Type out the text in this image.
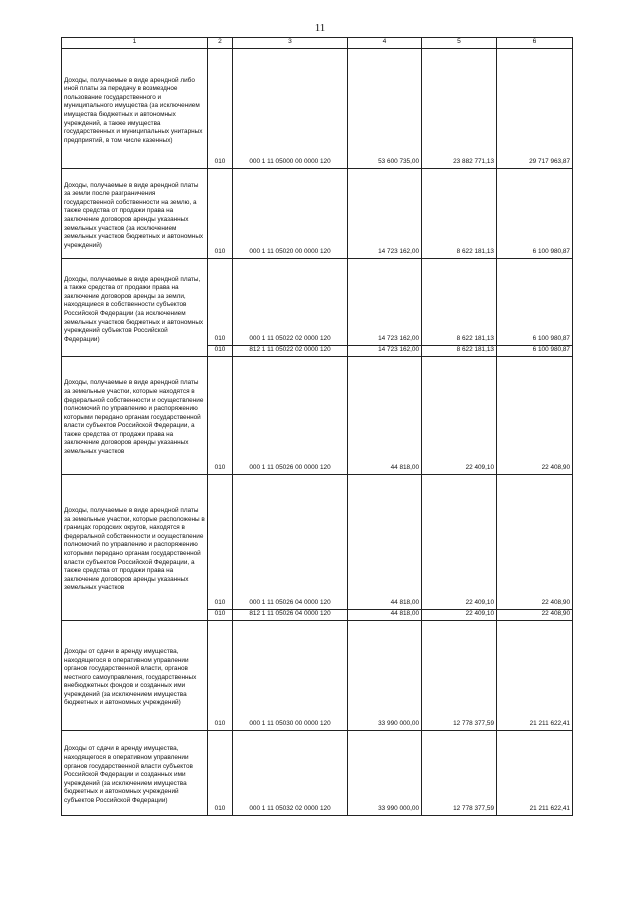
11
1	2	3	4	5	6
Доходы, получаемые в виде арендной либо иной платы за передачу в возмездное пользование государственного и муниципального имущества (за исключением имущества бюджетных и автономных учреждений, а также имущества государственных и муниципальных унитарных предприятий, в том числе казенных)	010	000 1 11 05000 00 0000 120	53 600 735,00	23 882 771,13	29 717 963,87
Доходы, получаемые в виде арендной платы за земли после разграничения государственной собственности на землю, а также средства от продажи права на заключение договоров аренды указанных земельных участков (за исключением земельных участков бюджетных и автономных учреждений)	010	000 1 11 05020 00 0000 120	14 723 162,00	8 622 181,13	6 100 980,87
Доходы, получаемые в виде арендной платы, а также средства от продажи права на заключение договоров аренды за земли, находящиеся в собственности субъектов Российской Федерации (за исключением земельных участков бюджетных и автономных учреждений субъектов Российской Федерации)	010	000 1 11 05022 02 0000 120	14 723 162,00	8 622 181,13	6 100 980,87
	010	812 1 11 05022 02 0000 120	14 723 162,00	8 622 181,13	6 100 980,87
Доходы, получаемые в виде арендной платы за земельные участки, которые находятся в федеральной собственности и осуществление полномочий по управлению и распоряжению которыми передано органам государственной власти субъектов Российской Федерации, а также средства от продажи права на заключение договоров аренды указанных земельных участков	010	000 1 11 05026 00 0000 120	44 818,00	22 409,10	22 408,90
Доходы, получаемые в виде арендной платы за земельные участки, которые расположены в границах городских округов, находятся в федеральной собственности и осуществление полномочий по управлению и распоряжению которыми передано органам государственной власти субъектов Российской Федерации, а также средства от продажи права на заключение договоров аренды указанных земельных участков	010	000 1 11 05026 04 0000 120	44 818,00	22 409,10	22 408,90
	010	812 1 11 05026 04 0000 120	44 818,00	22 409,10	22 408,90
Доходы от сдачи в аренду имущества, находящегося в оперативном управлении органов государственной власти, органов местного самоуправления, государственных внебюджетных фондов и созданных ими учреждений (за исключением имущества бюджетных и автономных учреждений)	010	000 1 11 05030 00 0000 120	33 990 000,00	12 778 377,59	21 211 622,41
Доходы от сдачи в аренду имущества, находящегося в оперативном управлении органов государственной власти субъектов Российской Федерации и созданных ими учреждений (за исключением имущества бюджетных и автономных учреждений субъектов Российской Федерации)	010	000 1 11 05032 02 0000 120	33 990 000,00	12 778 377,59	21 211 622,41
